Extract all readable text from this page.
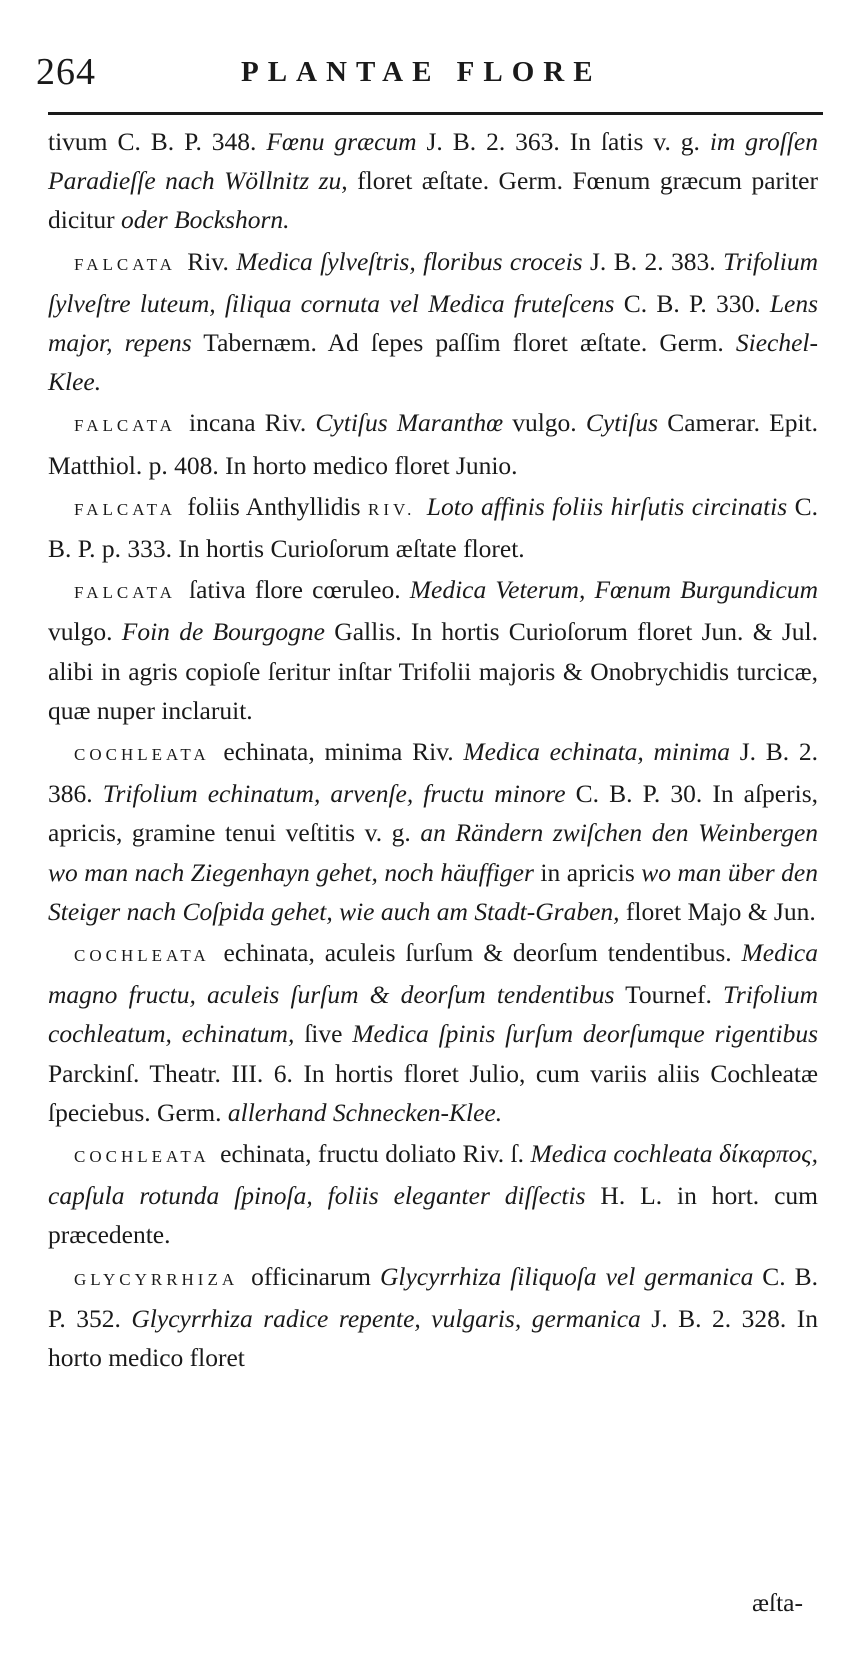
264	PLANTAE FLORE

tivum C. B. P. 348. Fœnu græcum J. B. 2. 363. In ſatis v. g. im groſſen Paradieſſe nach Wöllnitz zu, floret æſtate. Germ. Fœnum græcum pariter dicitur oder Bockshorn.

FALCATA Riv. Medica ſylveſtris, floribus croceis J. B. 2. 383. Trifolium ſylveſtre luteum, ſiliqua cornuta vel Medica fruteſcens C. B. P. 330. Lens major, repens Tabernæm. Ad ſepes paſſim floret æſtate. Germ. Siechel-Klee.

FALCATA incana Riv. Cytiſus Maranthœ vulgo. Cytiſus Camerar. Epit. Matthiol. p. 408. In horto medico floret Junio.

FALCATA foliis Anthyllidis RIV. Loto affinis foliis hirſutis circinatis C. B. P. p. 333. In hortis Curioſorum æſtate floret.

FALCATA ſativa flore cœruleo. Medica Veterum, Fœnum Burgundicum vulgo. Foin de Bourgogne Gallis. In hortis Curioſorum floret Jun. & Jul. alibi in agris copioſe ſeritur inſtar Trifolii majoris & Onobrychidis turcicæ, quæ nuper inclaruit.

COCHLEATA echinata, minima Riv. Medica echinata, minima J. B. 2. 386. Trifolium echinatum, arvenſe, fructu minore C. B. P. 30. In aſperis, apricis, gramine tenui veſtitis v. g. an Rändern zwiſchen den Weinbergen wo man nach Ziegenhayn gehet, noch häuffiger in apricis wo man über den Steiger nach Coſpida gehet, wie auch am Stadt-Graben, floret Majo & Jun.

COCHLEATA echinata, aculeis ſurſum & deorſum tendentibus. Medica magno fructu, aculeis ſurſum & deorſum tendentibus Tournef. Trifolium cochleatum, echinatum, ſive Medica ſpinis ſurſum deorſumque rigentibus Parckinſ. Theatr. III. 6. In hortis floret Julio, cum variis aliis Cochleatæ ſpeciebus. Germ. allerhand Schnecken-Klee.

COCHLEATA echinata, fructu doliato Riv. ſ. Medica cochleata δίκαρπος, capſula rotunda ſpinoſa, foliis eleganter diſſectis H. L. in hort. cum præcedente.

GLYCYRRHIZA officinarum Glycyrrhiza ſiliquoſa vel germanica C. B. P. 352. Glycyrrhiza radice repente, vulgaris, germanica J. B. 2. 328. In horto medico floret

æſta-
